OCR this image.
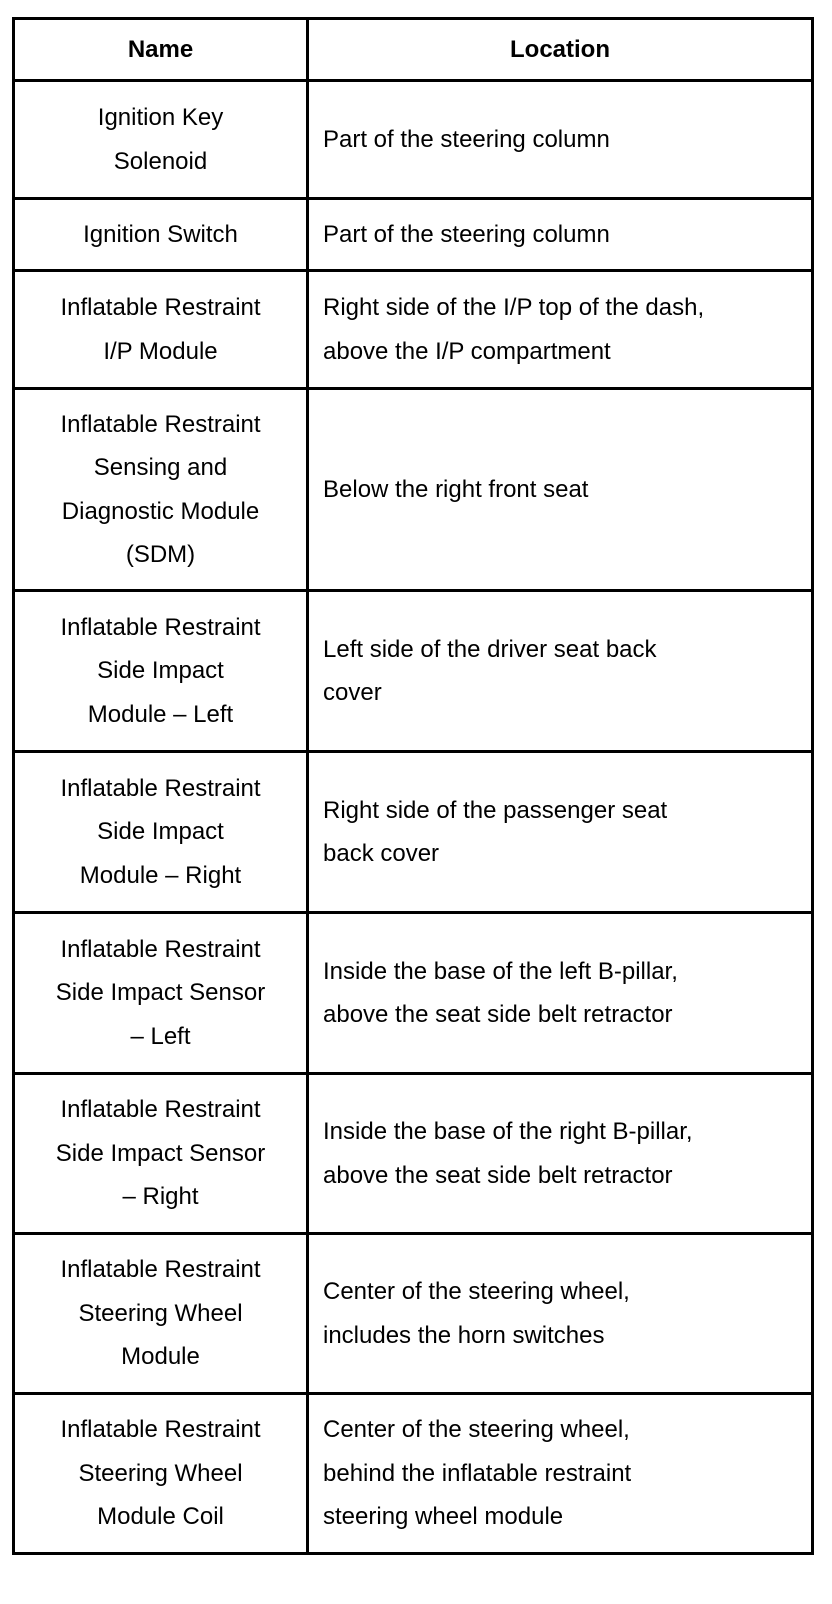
Name	Location

Ignition Key
Solenoid	Part of the steering column

Ignition Switch	Part of the steering column

Inflatable Restraint
I/P Module	Right side of the I/P top of the dash,
above the I/P compartment

Inflatable Restraint
Sensing and
Diagnostic Module
(SDM)	Below the right front seat

Inflatable Restraint
Side Impact
Module – Left	Left side of the driver seat back
cover

Inflatable Restraint
Side Impact
Module – Right	Right side of the passenger seat
back cover

Inflatable Restraint
Side Impact Sensor
– Left	Inside the base of the left B-pillar,
above the seat side belt retractor

Inflatable Restraint
Side Impact Sensor
– Right	Inside the base of the right B-pillar,
above the seat side belt retractor

Inflatable Restraint
Steering Wheel
Module	Center of the steering wheel,
includes the horn switches

Inflatable Restraint
Steering Wheel
Module Coil	Center of the steering wheel,
behind the inflatable restraint
steering wheel module
